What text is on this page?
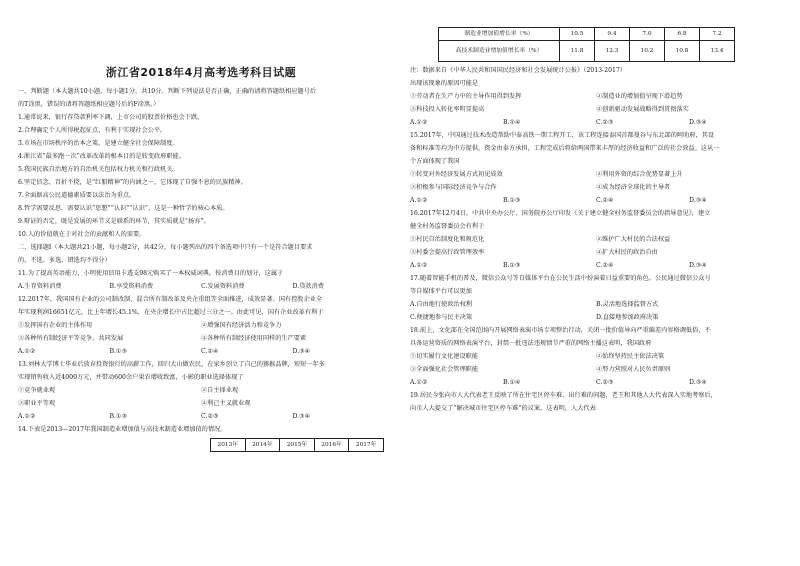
浙江省2018年4月高考选考科目试题
一、判断题（本大题共10小题，每小题1分，共10分。判断下列说法是否正确，正确的请将答题纸相应题号后
的T涂黑，错误的请将答题纸相应题号后的F涂黑。）
1.通常说来，银行存贷款利率下调，上市公司的股票价格也会下跌。
2.合理确定个人所得税起征点，有利于实现社会公平。
3.市场在市场秩序的治本之策，是建立健全社会保障制度。
4.浙江省“最多跑一次”改革改革的根本目的是转变政府职能。
5.我国民族自治地方的自治机关包括权力机关和行政机关。
6.坚定信念、百折不挠，是“红船精神”的内涵之一，它体现了自强不息的民族精神。
7.全面据高公民道德素质要以法治为重点。
8.哲学需要反思，需要认识“思想”“认识”“认识”，这是一种哲学的核心本质。
9.辩证的否定，既是发展的环节又是联系的环节，其实质就是“扬弃”。
10.人的价值就在于对社会的贡献和人的需要。
二、选择题Ⅰ（本大题共21小题，每小题2分，共42分。每小题列出的四个备选项中只有一个是符合题目要求
的，不选、多选、错选均不得分）
11.为了提高英语能力，小明使用信用卡透支98元购买了一本权威词典。按消费目的划分，这属于
A.生存资料消费	B.享受资料消费	C.发展资料消费	D.贷款消费
12.2017年，我国国有企业的公司制改制、混合所有制改革及央企重组等全面推进，成效显著。国有控股企业全
年实现利润16651亿元，比上年增长45.1%，在央企增长中占比超过三分之一。由此可见，国有企业改革有利于
①发挥国有企业的主体作用	②增强国有经济活力和竞争力
③各种所有制经济平等竞争、共同发展	④各种所有制经济使用同样的生产要素
A.①②	B.①③	C.②④	D.③④
13.刘林大学博士毕业后放弃投资银行的高薪工作，回归大山做农民，在家乡创立了自己的猕猴品牌，短短一年多
实现销售收入近4000万元，并带动600余户果农增收致富，小影的职业选择体现了
①竞争就业观	②自主择业观
③职业平等观	④利己主义就业观
A.①②	B.①③	C.②③	D.③④
14.下表是2013—2017年我国制造业增加值与高技术制造业增加值的情况。
2013年	2014年	2015年	2016年	2017年
制造业增加值增长率（%）	10.5	9.4	7.0	6.8	7.2
高技术制造业增加值增长率（%）	11.8	12.3	10.2	10.8	13.4
注：数据来自《中华人民共和国国民经济和社会发展统计公报》（2013-2017）
出现该现象的原因可能是
①劳动者在生产力中的主导作用得到发挥	②制造业的增加值呈现下滑趋势
③科技投入转化率明显提高	④创新驱动发展战略得到贯彻落实
A.①②	B.①④	C.②③	D.③④
15.2017年，中国通过技术改造帮助中泰高铁一期工程开工，该工程连接泰国首都曼谷与东北部的呵叻府，其设
备和标准等均为中方提供，资金由泰方承担，工程完成后将给两国带来丰厚的经济收益和广泛的社会效益。这从一
个方面体现了我国
①转变对外经济发展方式初见成效	②利用外资的综合优势显著上升
③积极参与国际经济竞争与合作	④成为经济全球化的主导者
A.①②	B.①③	C.②④	D.③④
16.2017年12月4日，中共中央办公厅、国务院办公厅印发《关于建立健全村务监督委员会的指导意见》，建立
健全村务监督委员会有利于
①村民自治制度化和规范化	②维护广大村民的合法权益
③村委会提高行政管理效率	④扩大村民的政治自由
A.①②	B.①③	C.②④	D.③④
17.随着智能手机的普及，微信公众号等自媒体平台在公民生活中扮演着日益重要的角色。公民通过微信公众号
等自媒体平台可以更加
A.自由地行使政治权利	B.灵活地选择监督方式
C.便捷地参与民主决策	D.直接地参加政府决策
18.前上，文化部在全国范围内开展网络表演市场专项整治行动，关闭一批价值导向严重偏差内容格调低俗，不
具备运营资质的网络表演平台，封禁一批违法违规情节严重的网络主播这表明，我国政府
①切实履行文化建设职能	②始终坚持民主依法决策
③全面强化社会管理职能	④努力营照对人民负责原则
A.①②	B.①④	C.②③	D.③④
19.居民今张向市人大代表老王反映了所在住宅区停车难、出行难的问题，老王和其他人大代表深入实地考察后，
向市人大提交了“解决城市住宅区停车难”的议案，这表明，人大代表
